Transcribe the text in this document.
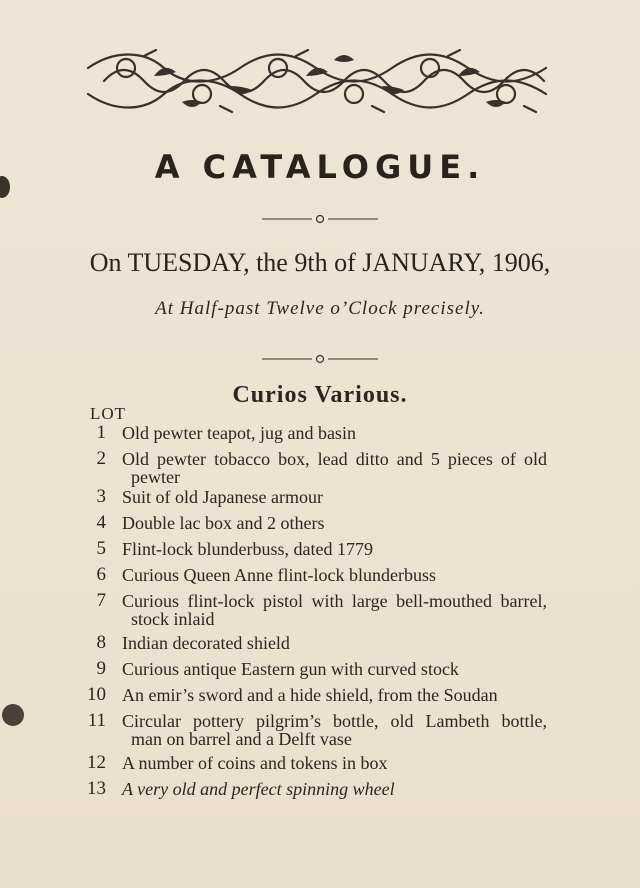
A CATALOGUE.
On TUESDAY, the 9th of JANUARY, 1906,
At Half-past Twelve o’Clock precisely.
Curios Various.
LOT
1 Old pewter teapot, jug and basin
2 Old pewter tobacco box, lead ditto and 5 pieces of old
pewter
3 Suit of old Japanese armour
4 Double lac box and 2 others
5 Flint-lock blunderbuss, dated 1779
6 Curious Queen Anne flint-lock blunderbuss
7 Curious flint-lock pistol with large bell-mouthed barrel,
stock inlaid
8 Indian decorated shield
9 Curious antique Eastern gun with curved stock
10 An emir’s sword and a hide shield, from the Soudan
11 Circular pottery pilgrim’s bottle, old Lambeth bottle,
man on barrel and a Delft vase
12 A number of coins and tokens in box
13 A very old and perfect spinning wheel
